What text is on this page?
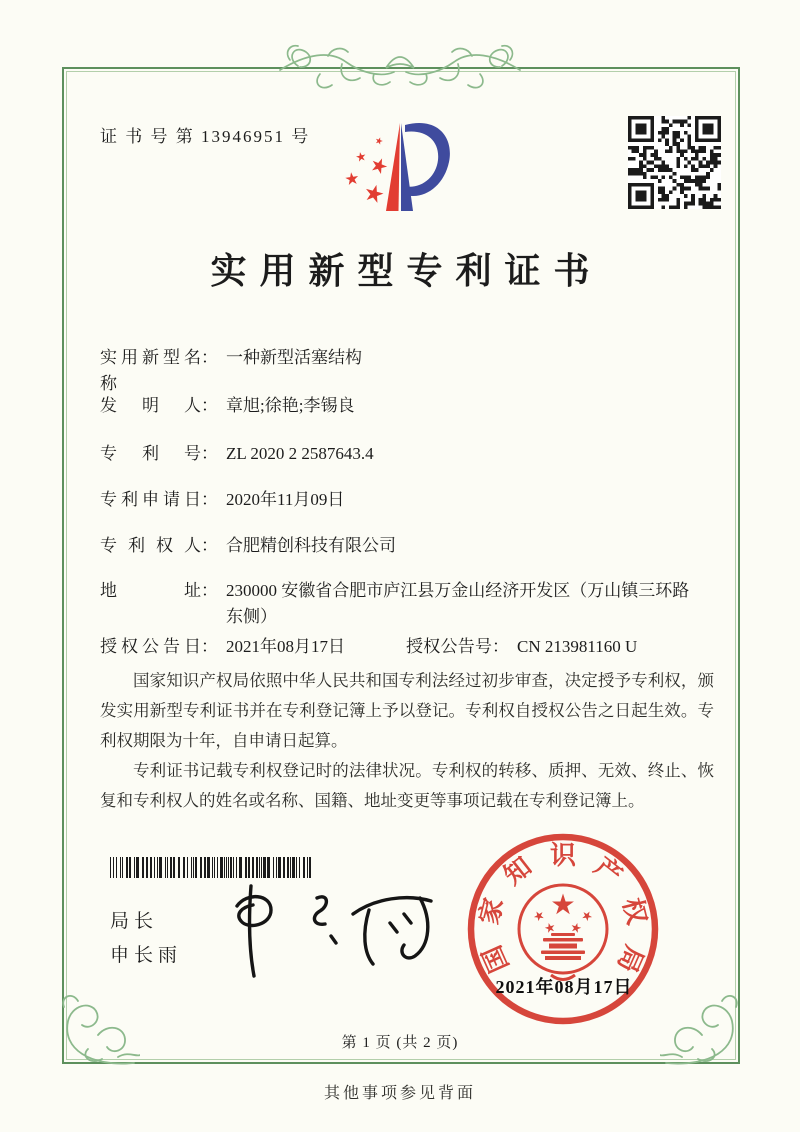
证 书 号 第 13946951 号
实用新型专利证书
实用新型名称
： 一种新型活塞结构
发明人 ： 章旭;徐艳;李锡良
专利号 ： ZL 2020 2 2587643.4
专利申请日 ： 2020年11月09日
专利权人 ： 合肥精创科技有限公司
地址 ： 230000 安徽省合肥市庐江县万金山经济开发区（万山镇三环路东侧）
授权公告日 ： 2021年08月17日	授权公告号 ： CN 213981160 U

国家知识产权局依照中华人民共和国专利法经过初步审查，决定授予专利权，颁发实用新型专利证书并在专利登记簿上予以登记。专利权自授权公告之日起生效。专利权期限为十年，自申请日起算。

专利证书记载专利权登记时的法律状况。专利权的转移、质押、无效、终止、恢复和专利权人的姓名或名称、国籍、地址变更等事项记载在专利登记簿上。

局长
申长雨	国
家
知 识 产
权
局
2021年08月17日
第 1 页 (共 2 页)
其他事项参见背面
